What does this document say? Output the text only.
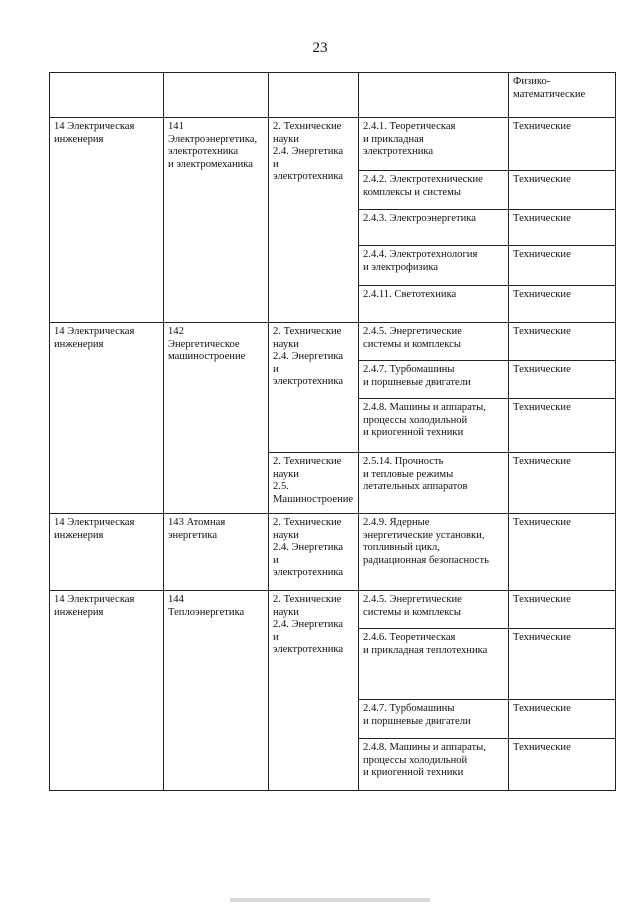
23
				Физико-
математические
14 Электрическая
инженерия	141
Электроэнергетика,
электротехника
и электромеханика	2. Технические
науки
2.4. Энергетика
и
электротехника	2.4.1. Теоретическая
и прикладная
электротехника	Технические
			2.4.2. Электротехнические
комплексы и системы	Технические
			2.4.3. Электроэнергетика	Технические
			2.4.4. Электротехнология
и электрофизика	Технические
			2.4.11. Светотехника	Технические
14 Электрическая
инженерия	142
Энергетическое
машиностроение	2. Технические
науки
2.4. Энергетика
и
электротехника	2.4.5. Энергетические
системы и комплексы	Технические
			2.4.7. Турбомашины
и поршневые двигатели	Технические
			2.4.8. Машины и аппараты,
процессы холодильной
и криогенной техники	Технические
		2. Технические
науки
2.5.
Машиностроение	2.5.14. Прочность
и тепловые режимы
летательных аппаратов	Технические
14 Электрическая
инженерия	143 Атомная
энергетика	2. Технические
науки
2.4. Энергетика
и
электротехника	2.4.9. Ядерные
энергетические установки,
топливный цикл,
радиационная безопасность	Технические
14 Электрическая
инженерия	144
Теплоэнергетика	2. Технические
науки
2.4. Энергетика
и
электротехника	2.4.5. Энергетические
системы и комплексы	Технические
			2.4.6. Теоретическая
и прикладная теплотехника	Технические
			2.4.7. Турбомашины
и поршневые двигатели	Технические
			2.4.8. Машины и аппараты,
процессы холодильной
и криогенной техники	Технические
